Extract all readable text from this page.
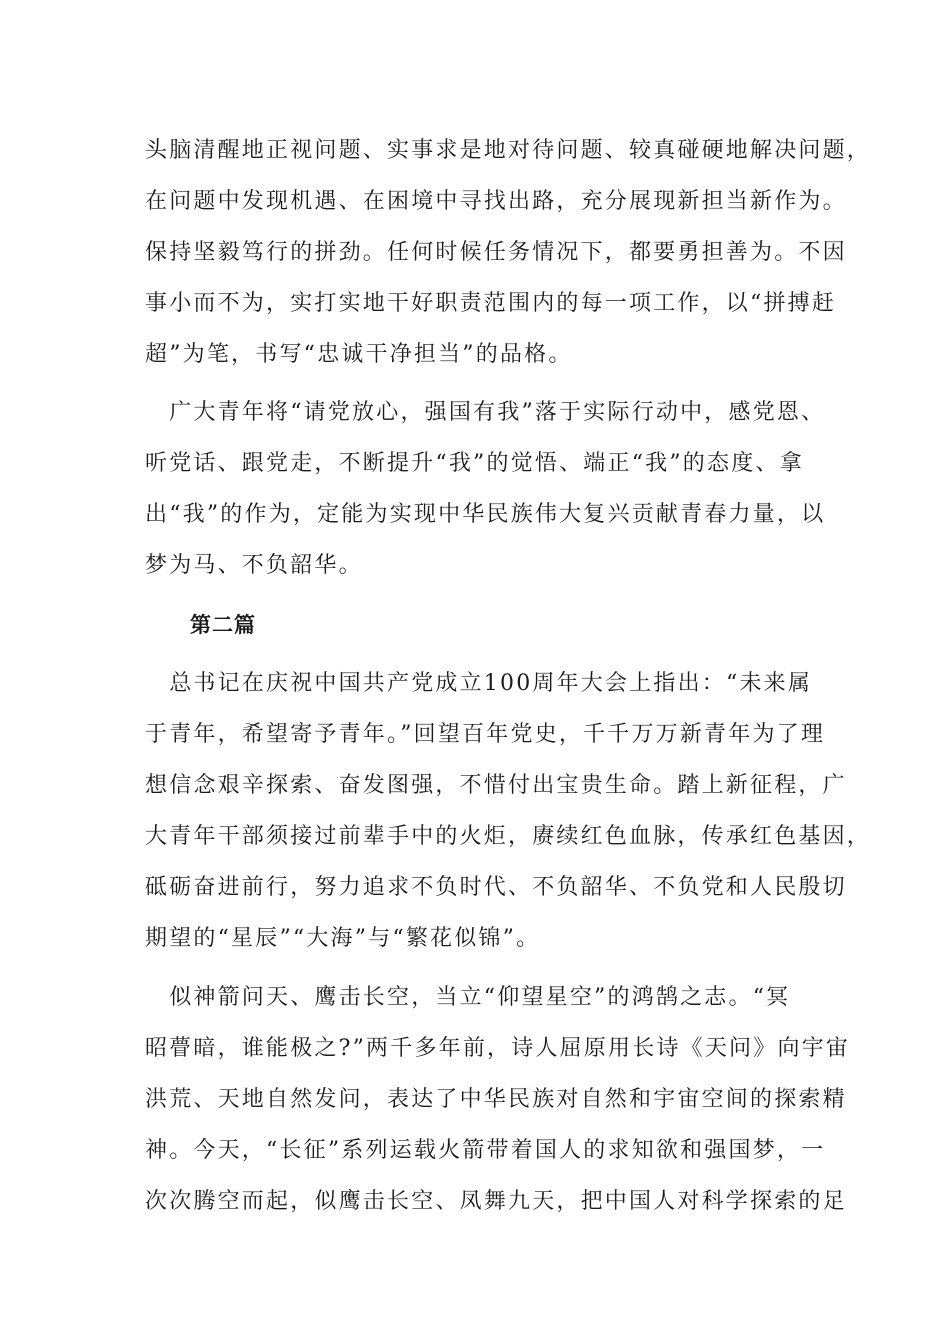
头脑清醒地正视问题、实事求是地对待问题、较真碰硬地解决问题，
在问题中发现机遇、在困境中寻找出路，充分展现新担当新作为。
保持坚毅笃行的拼劲。任何时候任务情况下，都要勇担善为。不因
事小而不为，实打实地干好职责范围内的每一项工作，以“拼搏赶
超”为笔，书写“忠诚干净担当”的品格。
　广大青年将“请党放心，强国有我”落于实际行动中，感党恩、
听党话、跟党走，不断提升“我”的觉悟、端正“我”的态度、拿
出“我”的作为，定能为实现中华民族伟大复兴贡献青春力量，以
梦为马、不负韶华。
第二篇
　总书记在庆祝中国共产党成立100周年大会上指出：“未来属
于青年，希望寄予青年。”回望百年党史，千千万万新青年为了理
想信念艰辛探索、奋发图强，不惜付出宝贵生命。踏上新征程，广
大青年干部须接过前辈手中的火炬，赓续红色血脉，传承红色基因，
砥砺奋进前行，努力追求不负时代、不负韶华、不负党和人民殷切
期望的“星辰”“大海”与“繁花似锦”。
　似神箭问天、鹰击长空，当立“仰望星空”的鸿鹄之志。“冥
昭瞢暗，谁能极之?”两千多年前，诗人屈原用长诗《天问》向宇宙
洪荒、天地自然发问，表达了中华民族对自然和宇宙空间的探索精
神。今天，“长征”系列运载火箭带着国人的求知欲和强国梦，一
次次腾空而起，似鹰击长空、凤舞九天，把中国人对科学探索的足
